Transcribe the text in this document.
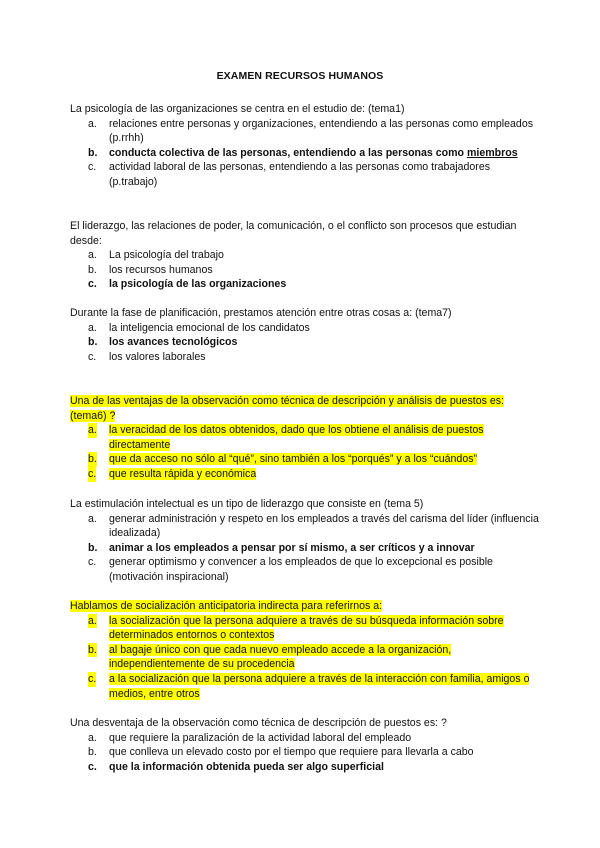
EXAMEN RECURSOS HUMANOS
La psicología de las organizaciones se centra en el estudio de: (tema1)
a. relaciones entre personas y organizaciones, entendiendo a las personas como empleados (p.rrhh)
b. conducta colectiva de las personas, entendiendo a las personas como miembros
c. actividad laboral de las personas, entendiendo a las personas como trabajadores (p.trabajo)
El liderazgo, las relaciones de poder, la comunicación, o el conflicto son procesos que estudian desde:
a. La psicología del trabajo
b. los recursos humanos
c. la psicología de las organizaciones
Durante la fase de planificación, prestamos atención entre otras cosas a: (tema7)
a. la inteligencia emocional de los candidatos
b. los avances tecnológicos
c. los valores laborales
Una de las ventajas de la observación como técnica de descripción y análisis de puestos es: (tema6) ?
a. la veracidad de los datos obtenidos, dado que los obtiene el análisis de puestos directamente
b. que da acceso no sólo al “qué”, sino también a los “porqués” y a los “cuándos”
c. que resulta rápida y económica
La estimulación intelectual es un tipo de liderazgo que consiste en (tema 5)
a. generar administración y respeto en los empleados a través del carisma del líder (influencia idealizada)
b. animar a los empleados a pensar por sí mismo, a ser críticos y a innovar
c. generar optimismo y convencer a los empleados de que lo excepcional es posible (motivación inspiracional)
Hablamos de socialización anticipatoria indirecta para referirnos a:
a. la socialización que la persona adquiere a través de su búsqueda información sobre determinados entornos o contextos
b. al bagaje único con que cada nuevo empleado accede a la organización, independientemente de su procedencia
c. a la socialización que la persona adquiere a través de la interacción con familia, amigos o medios, entre otros
Una desventaja de la observación como técnica de descripción de puestos es: ?
a. que requiere la paralización de la actividad laboral del empleado
b. que conlleva un elevado costo por el tiempo que requiere para llevarla a cabo
c. que la información obtenida pueda ser algo superficial
